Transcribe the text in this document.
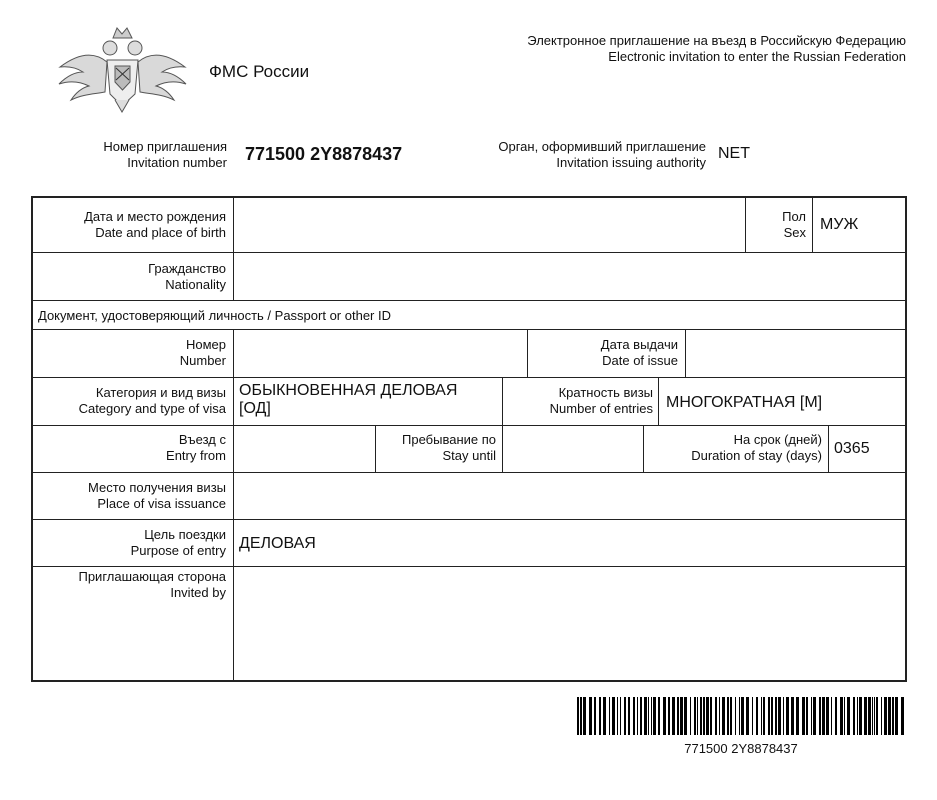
ФМС России
Электронное приглашение на въезд в Российскую Федерацию
Electronic invitation to enter the Russian Federation
Номер приглашения
Invitation number 771500 2Y8878437	Орган, оформивший приглашение
Invitation issuing authority
NET
Дата и место рождения
Date and place of birth
Пол
Sex МУЖ
Гражданство
Nationality
Документ, удостоверяющий личность / Passport or other ID
Номер
Number
Дата выдачи
Date of issue
Категория и вид визы
Category and type of visa
ОБЫКНОВЕННАЯ ДЕЛОВАЯ
[ОД]
Кратность визы
Number of entries МНОГОКРАТНАЯ [М]
Въезд с
Entry from
Пребывание по
Stay until
На срок (дней)
Duration of stay (days) 0365
Место получения визы
Place of visa issuance
Цель поездки
Purpose of entry ДЕЛОВАЯ
Приглашающая сторона
Invited by
771500 2Y8878437
